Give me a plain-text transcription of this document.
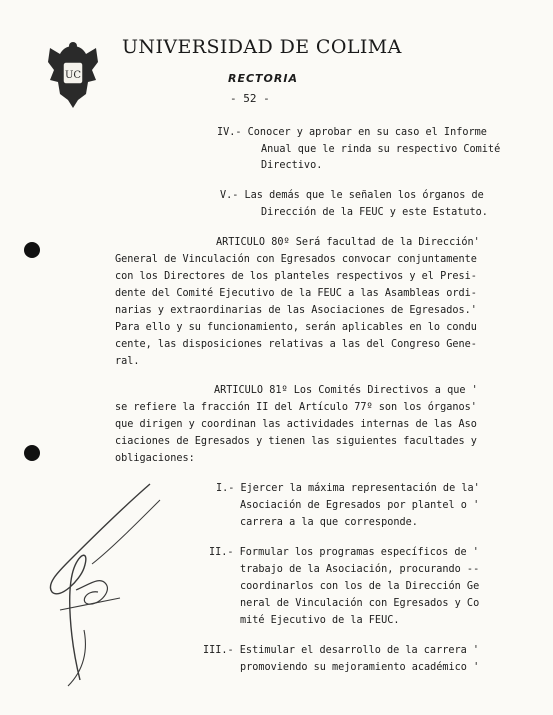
UC
UNIVERSIDAD DE COLIMA
RECTORIA
- 52 -
IV.- Conocer y aprobar en su caso el Informe
Anual que le rinda su respectivo Comité
Directivo.
V.- Las demás que le señalen los órganos de
Dirección de la FEUC y este Estatuto.
ARTICULO 80º Será facultad de la Dirección'
General de Vinculación con Egresados convocar conjuntamente
con los Directores de los planteles respectivos y el Presi-
dente del Comité Ejecutivo de la FEUC a las Asambleas ordi-
narias y extraordinarias de las Asociaciones de Egresados.'
Para ello y su funcionamiento, serán aplicables en lo condu
cente, las disposiciones relativas a las del Congreso Gene-
ral.
ARTICULO 81º Los Comités Directivos a que '
se refiere la fracción II del Artículo 77º son los órganos'
que dirigen y coordinan las actividades internas de las Aso
ciaciones de Egresados y tienen las siguientes facultades y
obligaciones:
I.- Ejercer la máxima representación de la'
Asociación de Egresados por plantel o '
carrera a la que corresponde.
II.- Formular los programas específicos de '
trabajo de la Asociación, procurando --
coordinarlos con los de la Dirección Ge
neral de Vinculación con Egresados y Co
mité Ejecutivo de la FEUC.
III.- Estimular el desarrollo de la carrera '
promoviendo su mejoramiento académico '
